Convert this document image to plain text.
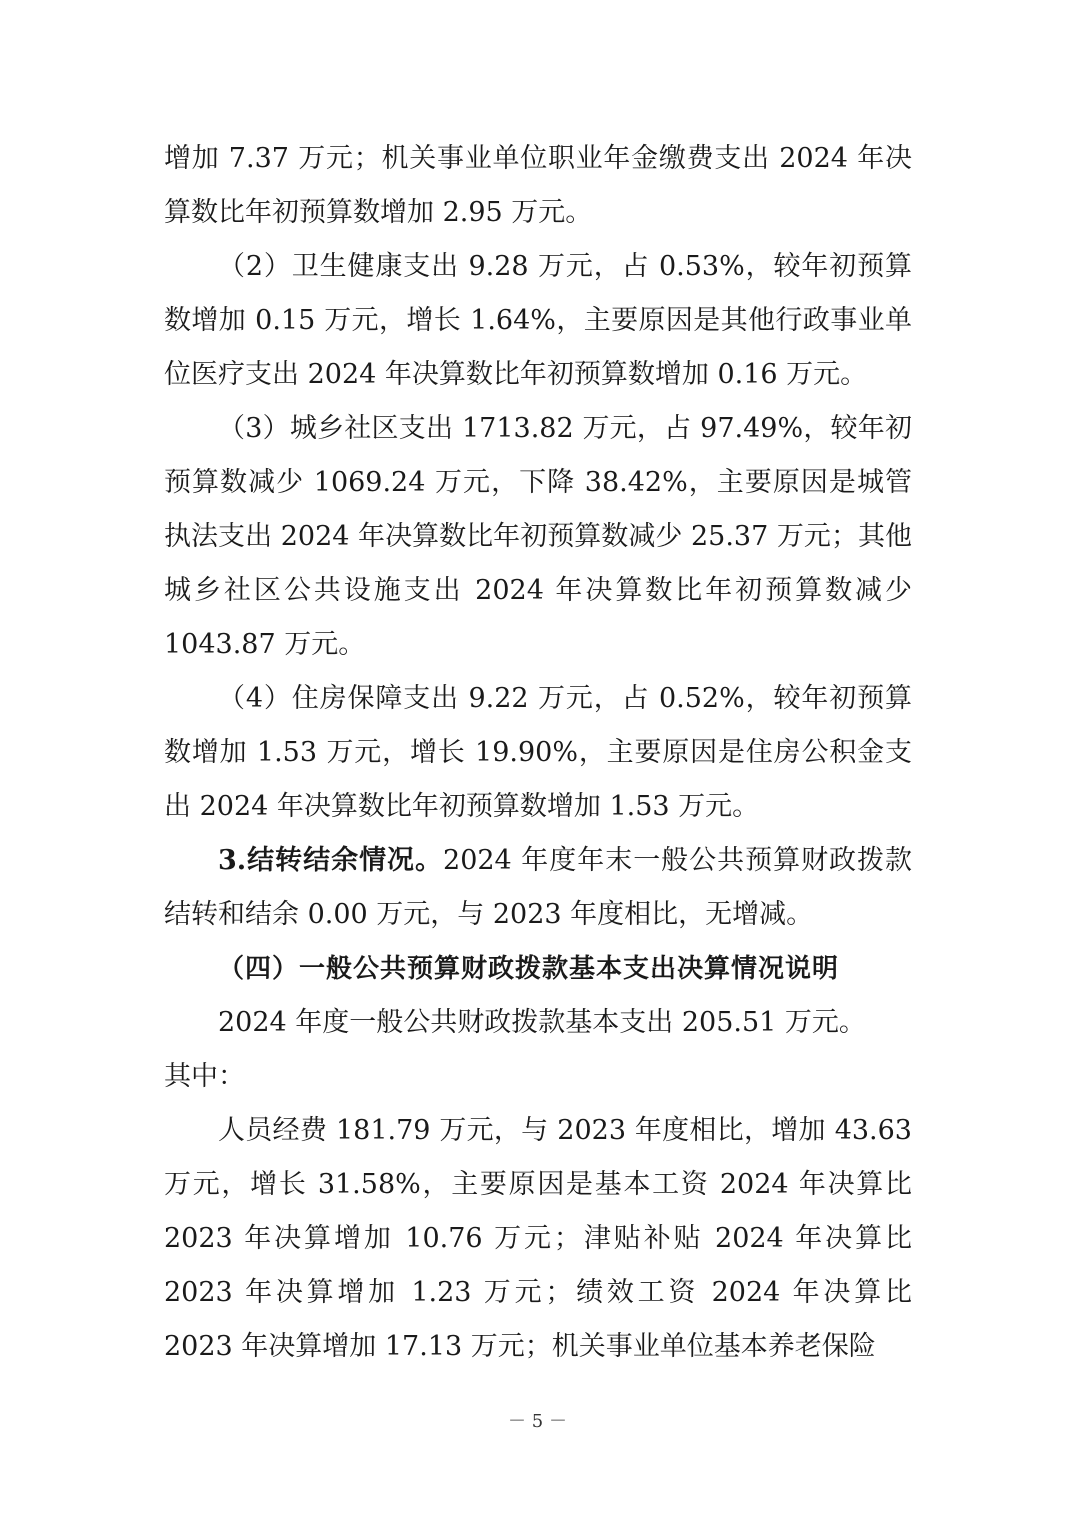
增加 7.37 万元；机关事业单位职业年金缴费支出 2024 年决算数比年初预算数增加 2.95 万元。

（2）卫生健康支出 9.28 万元，占 0.53%，较年初预算数增加 0.15 万元，增长 1.64%，主要原因是其他行政事业单位医疗支出 2024 年决算数比年初预算数增加 0.16 万元。

（3）城乡社区支出 1713.82 万元，占 97.49%，较年初预算数减少 1069.24 万元，下降 38.42%，主要原因是城管执法支出 2024 年决算数比年初预算数减少 25.37 万元；其他城乡社区公共设施支出 2024 年决算数比年初预算数减少 1043.87 万元。

（4）住房保障支出 9.22 万元，占 0.52%，较年初预算数增加 1.53 万元，增长 19.90%，主要原因是住房公积金支出 2024 年决算数比年初预算数增加 1.53 万元。

3.结转结余情况。2024 年度年末一般公共预算财政拨款结转和结余 0.00 万元，与 2023 年度相比，无增减。

（四）一般公共预算财政拨款基本支出决算情况说明

2024 年度一般公共财政拨款基本支出 205.51 万元。

其中：

人员经费 181.79 万元，与 2023 年度相比，增加 43.63 万元，增长 31.58%，主要原因是基本工资 2024 年决算比 2023 年决算增加 10.76 万元；津贴补贴 2024 年决算比 2023 年决算增加 1.23 万元；绩效工资 2024 年决算比 2023 年决算增加 17.13 万元；机关事业单位基本养老保险

－ 5 －
